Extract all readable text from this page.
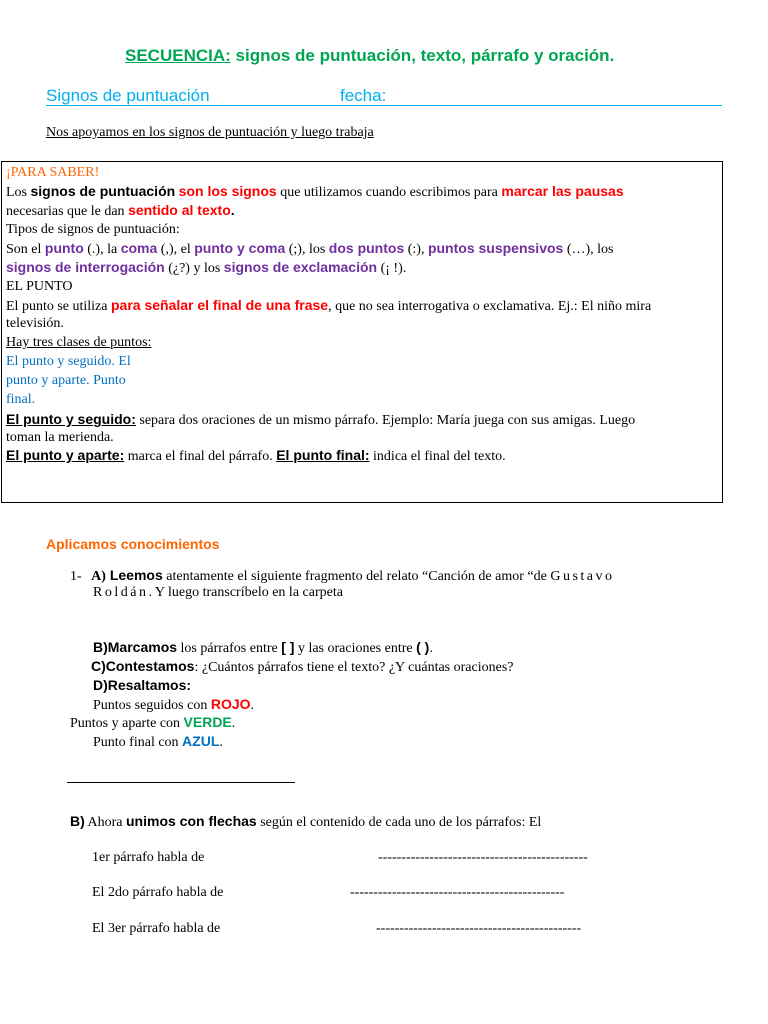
SECUENCIA: signos de puntuación, texto, párrafo y oración.
Signos de puntuación	fecha:
Nos apoyamos en los signos de puntuación y luego trabaja
¡PARA SABER!
Los signos de puntuación son los signos que utilizamos cuando escribimos para marcar las pausas
necesarias que le dan sentido al texto.
Tipos de signos de puntuación:
Son el punto (.), la coma (,), el punto y coma (;), los dos puntos (:), puntos suspensivos (…), los
signos de interrogación (¿?) y los signos de exclamación (¡ !).
EL PUNTO
El punto se utiliza para señalar el final de una frase, que no sea interrogativa o exclamativa. Ej.: El niño mira
televisión.
Hay tres clases de puntos:
El punto y seguido. El
punto y aparte. Punto
final.
El punto y seguido: separa dos oraciones de un mismo párrafo. Ejemplo: María juega con sus amigas. Luego
toman la merienda.
El punto y aparte: marca el final del párrafo. El punto final: indica el final del texto.
Aplicamos conocimientos
1- A) Leemos atentamente el siguiente fragmento del relato “Canción de amor “de Gustavo
Roldán. Y luego transcríbelo en la carpeta
B)Marcamos los párrafos entre [ ] y las oraciones entre ( ).
C)Contestamos: ¿Cuántos párrafos tiene el texto? ¿Y cuántas oraciones?
D)Resaltamos:
Puntos seguidos con ROJO.
Puntos y aparte con VERDE.
Punto final con AZUL.
B) Ahora unimos con flechas según el contenido de cada uno de los párrafos: El
1er párrafo habla de	---------------------------------------------
El 2do párrafo habla de	----------------------------------------------
El 3er párrafo habla de	--------------------------------------------
